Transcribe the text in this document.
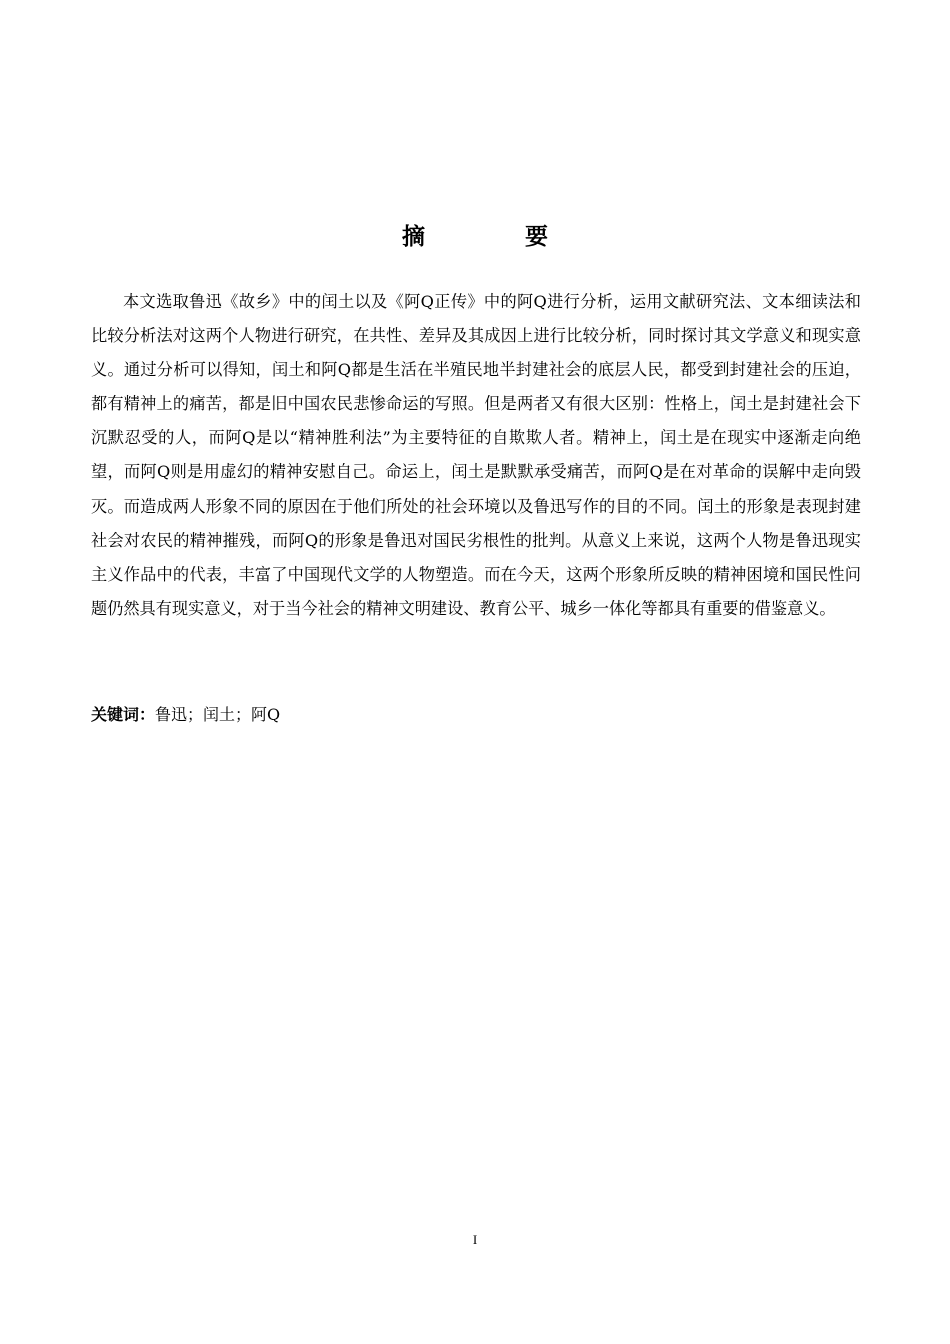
摘 要

本文选取鲁迅《故乡》中的闰土以及《阿Q正传》中的阿Q进行分析，运用文献研究法、文本细读法和比较分析法对这两个人物进行研究，在共性、差异及其成因上进行比较分析，同时探讨其文学意义和现实意义。通过分析可以得知，闰土和阿Q都是生活在半殖民地半封建社会的底层人民，都受到封建社会的压迫，都有精神上的痛苦，都是旧中国农民悲惨命运的写照。但是两者又有很大区别：性格上，闰土是封建社会下沉默忍受的人，而阿Q是以“精神胜利法”为主要特征的自欺欺人者。精神上，闰土是在现实中逐渐走向绝望，而阿Q则是用虚幻的精神安慰自己。命运上，闰土是默默承受痛苦，而阿Q是在对革命的误解中走向毁灭。而造成两人形象不同的原因在于他们所处的社会环境以及鲁迅写作的目的不同。闰土的形象是表现封建社会对农民的精神摧残，而阿Q的形象是鲁迅对国民劣根性的批判。从意义上来说，这两个人物是鲁迅现实主义作品中的代表，丰富了中国现代文学的人物塑造。而在今天，这两个形象所反映的精神困境和国民性问题仍然具有现实意义，对于当今社会的精神文明建设、教育公平、城乡一体化等都具有重要的借鉴意义。

关键词：鲁迅；闰土；阿Q
I
